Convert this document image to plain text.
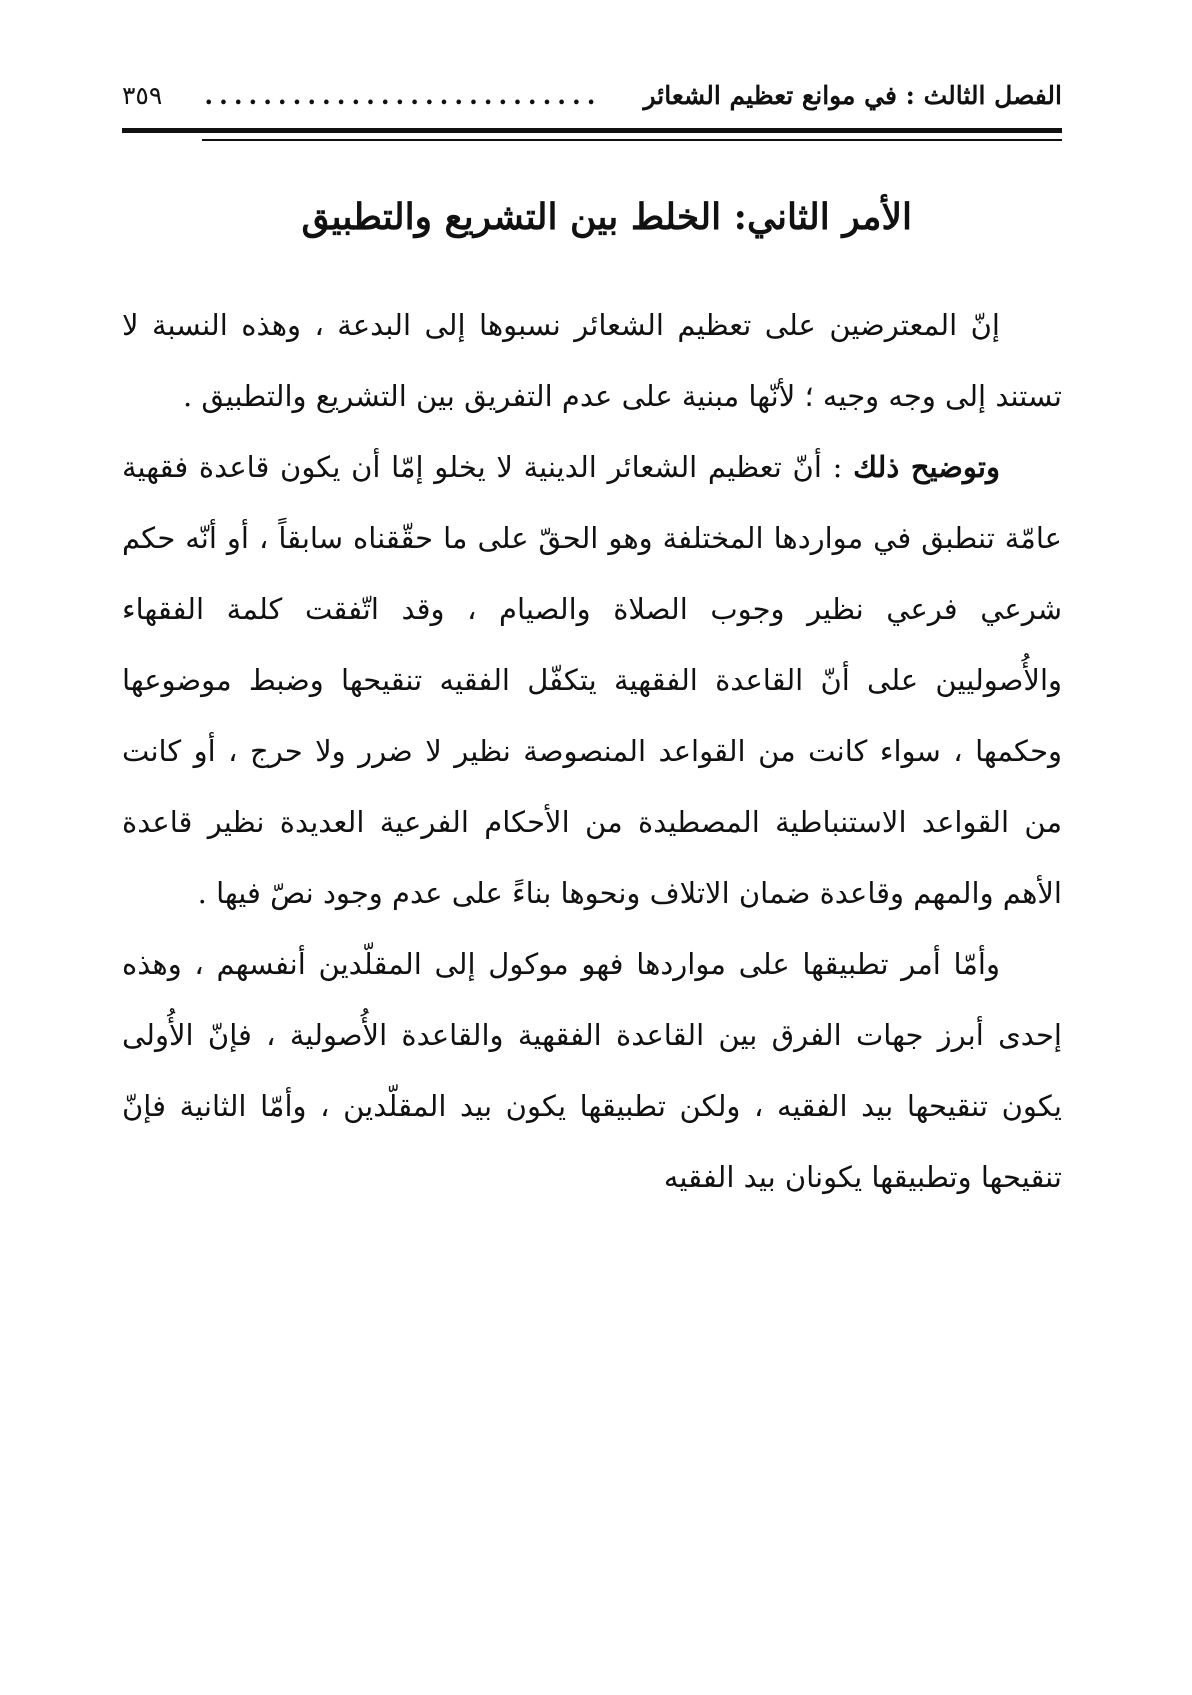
الفصل الثالث : في موانع تعظيم الشعائر
...........................
٣٥٩
الأمر الثاني: الخلط بين التشريع والتطبيق

إنّ المعترضين على تعظيم الشعائر نسبوها إلى البدعة ، وهذه النسبة لا تستند إلى وجه وجيه ؛ لأنّها مبنية على عدم التفريق بين التشريع والتطبيق .

وتوضيح ذلك : أنّ تعظيم الشعائر الدينية لا يخلو إمّا أن يكون قاعدة فقهية عامّة تنطبق في مواردها المختلفة وهو الحقّ على ما حقّقناه سابقاً ، أو أنّه حكم شرعي فرعي نظير وجوب الصلاة والصيام ، وقد اتّفقت كلمة الفقهاء والأُصوليين على أنّ القاعدة الفقهية يتكفّل الفقيه تنقيحها وضبط موضوعها وحكمها ، سواء كانت من القواعد المنصوصة نظير لا ضرر ولا حرج ، أو كانت من القواعد الاستنباطية المصطيدة من الأحكام الفرعية العديدة نظير قاعدة الأهم والمهم وقاعدة ضمان الاتلاف ونحوها بناءً على عدم وجود نصّ فيها .

وأمّا أمر تطبيقها على مواردها فهو موكول إلى المقلّدين أنفسهم ، وهذه إحدى أبرز جهات الفرق بين القاعدة الفقهية والقاعدة الأُصولية ، فإنّ الأُولى يكون تنقيحها بيد الفقيه ، ولكن تطبيقها يكون بيد المقلّدين ، وأمّا الثانية فإنّ تنقيحها وتطبيقها يكونان بيد الفقيه
